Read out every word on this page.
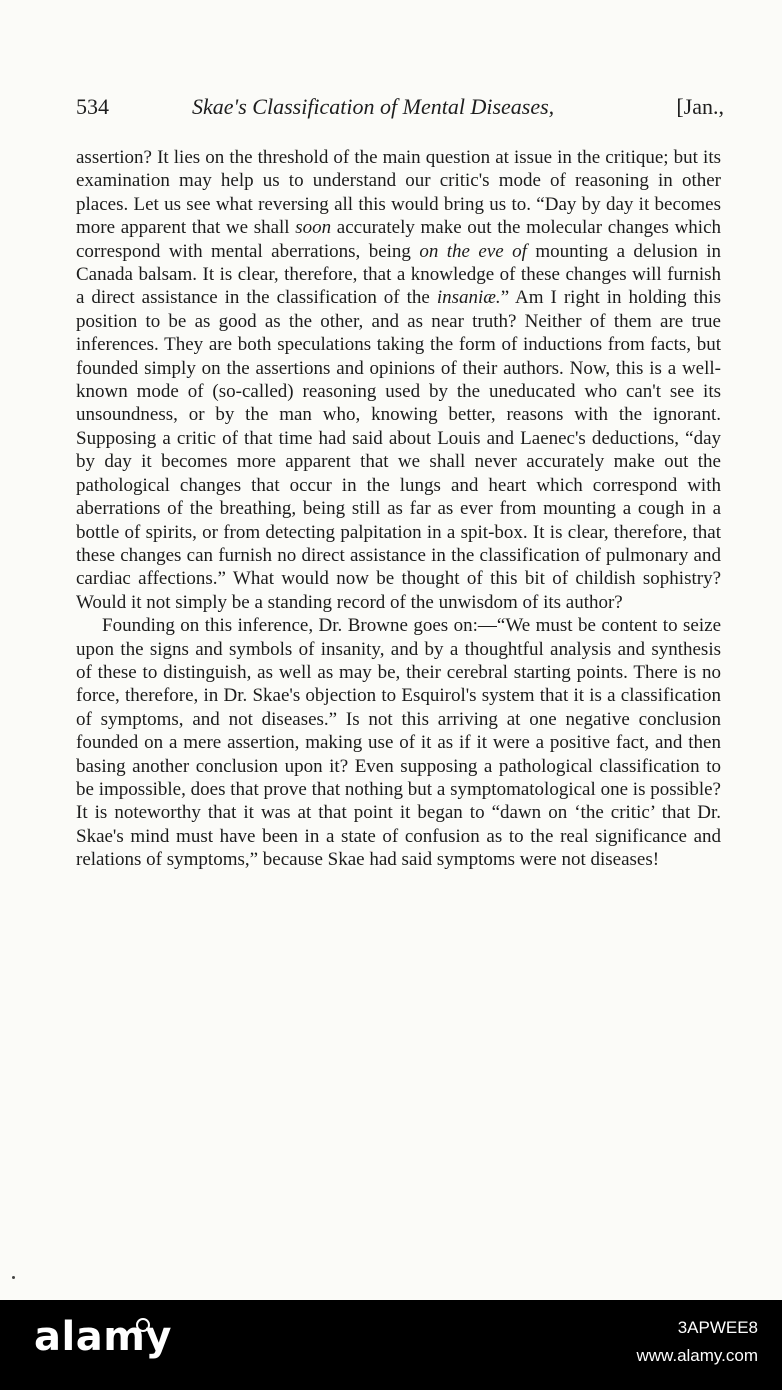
534	Skae's Classification of Mental Diseases,	[Jan.,

assertion? It lies on the threshold of the main question at issue in the critique; but its examination may help us to understand our critic's mode of reasoning in other places. Let us see what reversing all this would bring us to. “Day by day it becomes more apparent that we shall soon accurately make out the molecular changes which correspond with mental aberrations, being on the eve of mounting a delusion in Canada balsam. It is clear, therefore, that a knowledge of these changes will furnish a direct assistance in the classification of the insaniæ.” Am I right in holding this position to be as good as the other, and as near truth? Neither of them are true inferences. They are both speculations taking the form of inductions from facts, but founded simply on the assertions and opinions of their authors. Now, this is a well-known mode of (so-called) reasoning used by the uneducated who can't see its unsoundness, or by the man who, knowing better, reasons with the ignorant. Supposing a critic of that time had said about Louis and Laenec's deductions, “day by day it becomes more apparent that we shall never accurately make out the pathological changes that occur in the lungs and heart which correspond with aberrations of the breathing, being still as far as ever from mounting a cough in a bottle of spirits, or from detecting palpitation in a spit-box. It is clear, therefore, that these changes can furnish no direct assistance in the classification of pulmonary and cardiac affections.” What would now be thought of this bit of childish sophistry? Would it not simply be a standing record of the unwisdom of its author?

Founding on this inference, Dr. Browne goes on:—“We must be content to seize upon the signs and symbols of insanity, and by a thoughtful analysis and synthesis of these to distinguish, as well as may be, their cerebral starting points. There is no force, therefore, in Dr. Skae's objection to Esquirol's system that it is a classification of symptoms, and not diseases.” Is not this arriving at one negative conclusion founded on a mere assertion, making use of it as if it were a positive fact, and then basing another conclusion upon it? Even supposing a pathological classification to be impossible, does that prove that nothing but a symptomatological one is possible? It is noteworthy that it was at that point it began to “dawn on ‘the critic’ that Dr. Skae's mind must have been in a state of confusion as to the real significance and relations of symptoms,” because Skae had said symptoms were not diseases!

alamy	3APWEE8
www.alamy.com
